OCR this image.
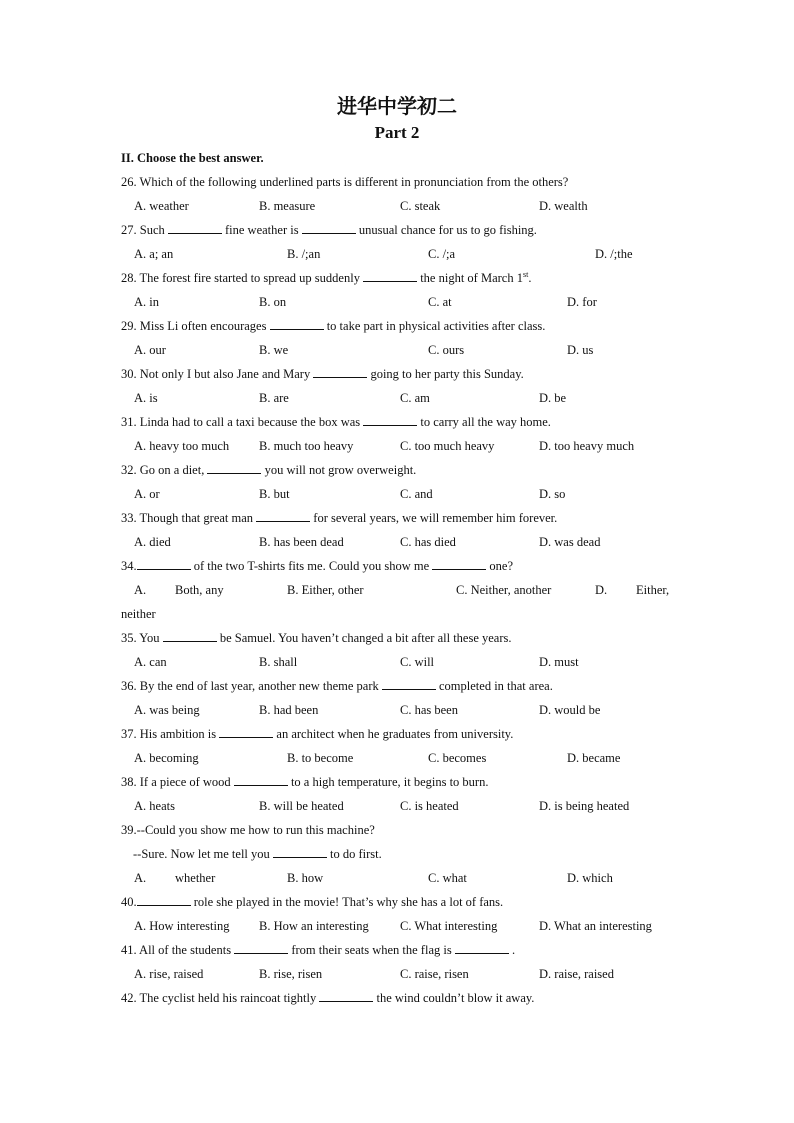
进华中学初二
Part 2
II. Choose the best answer.
26. Which of the following underlined parts is different in pronunciation from the others?
A. weather	B. measure	C. steak	D. wealth
27. Such	fine weather is	unusual chance for us to go fishing.
A. a; an	B. /;an	C. /;a	D. /;the
28. The forest fire started to spread up suddenly	the night of March 1st.
A. in	B. on	C. at	D. for
29. Miss Li often encourages	to take part in physical activities after class.
A. our	B. we	C. ours	D. us
30. Not only I but also Jane and Mary	going to her party this Sunday.
A. is	B. are	C. am	D. be
31. Linda had to call a taxi because the box was	to carry all the way home.
A. heavy too much B. much too heavy	C. too much heavy	D. too heavy much
32. Go on a diet,	you will not grow overweight.
A. or	B. but	C. and	D. so
33. Though that great man	for several years, we will remember him forever.
A. died	B. has been dead	C. has died	D. was dead
34.	of the two T-shirts fits me. Could you show me	one?
A. Both, any	B. Either, other	C. Neither, another	D. Either,
neither
35. You	be Samuel. You haven’t changed a bit after all these years.
A. can	B. shall	C. will	D. must
36. By the end of last year, another new theme park	completed in that area.
A. was being	B. had been	C. has been	D. would be
37. His ambition is	an architect when he graduates from university.
A. becoming	B. to become	C. becomes	D. became
38. If a piece of wood	to a high temperature, it begins to burn.
A. heats	B. will be heated	C. is heated	D. is being heated
39.--Could you show me how to run this machine?
--Sure. Now let me tell you	to do first.
A. whether	B. how	C. what	D. which
40.	role she played in the movie! That’s why she has a lot of fans.
A. How interesting B. How an interesting	C. What interesting	D. What an interesting
41. All of the students	from their seats when the flag is	.
A. rise, raised	B. rise, risen	C. raise, risen	D. raise, raised
42. The cyclist held his raincoat tightly	the wind couldn’t blow it away.
